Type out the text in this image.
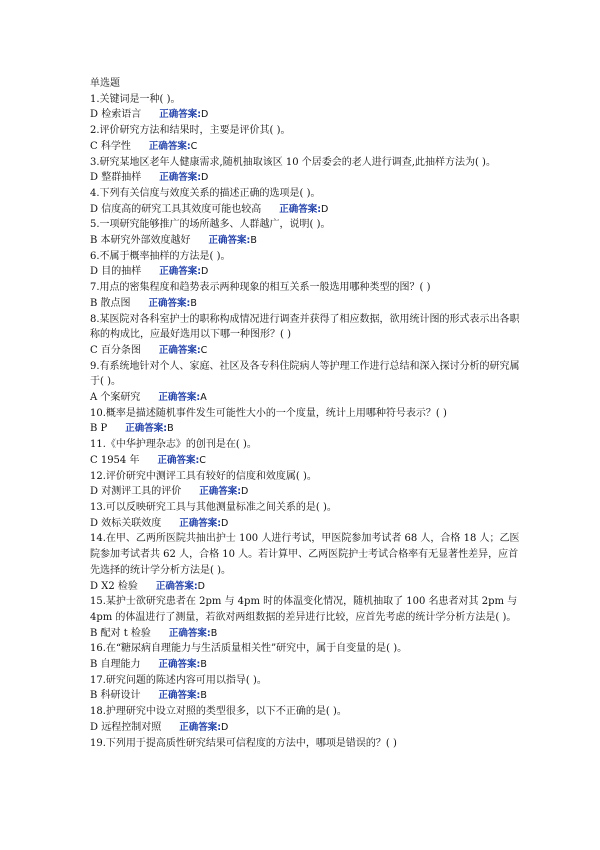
单选题

1.关键词是一种( )。

D 检索语言 正确答案:D

2.评价研究方法和结果时，主要是评价其( )。

C 科学性 正确答案:C

3.研究某地区老年人健康需求,随机抽取该区 10 个居委会的老人进行调查,此抽样方法为( )。

D 整群抽样 正确答案:D

4.下列有关信度与效度关系的描述正确的选项是( )。

D 信度高的研究工具其效度可能也较高 正确答案:D

5.一项研究能够推广的场所越多、人群越广，说明( )。

B 本研究外部效度越好 正确答案:B

6.不属于概率抽样的方法是( )。

D 目的抽样 正确答案:D

7.用点的密集程度和趋势表示两种现象的相互关系一般选用哪种类型的图？( )

B 散点图 正确答案:B

8.某医院对各科室护士的职称构成情况进行调查并获得了相应数据，欲用统计图的形式表示出各职称的构成比，应最好选用以下哪一种图形？( )

C 百分条图 正确答案:C

9.有系统地针对个人、家庭、社区及各专科住院病人等护理工作进行总结和深入探讨分析的研究属于( )。

A 个案研究 正确答案:A

10.概率是描述随机事件发生可能性大小的一个度量，统计上用哪种符号表示？( )

B P 正确答案:B

11.《中华护理杂志》的创刊是在( )。

C 1954 年 正确答案:C

12.评价研究中测评工具有较好的信度和效度属( )。

D 对测评工具的评价 正确答案:D

13.可以反映研究工具与其他测量标准之间关系的是( )。

D 效标关联效度 正确答案:D

14.在甲、乙两所医院共抽出护士 100 人进行考试，甲医院参加考试者 68 人，合格 18 人；乙医院参加考试者共 62 人，合格 10 人。若计算甲、乙两医院护士考试合格率有无显著性差异，应首先选择的统计学分析方法是( )。

D X2 检验 正确答案:D

15.某护士欲研究患者在 2pm 与 4pm 时的体温变化情况，随机抽取了 100 名患者对其 2pm 与 4pm 的体温进行了测量，若欲对两组数据的差异进行比较，应首先考虑的统计学分析方法是( )。

B 配对 t 检验 正确答案:B

16.在“糖尿病自理能力与生活质量相关性”研究中，属于自变量的是( )。

B 自理能力 正确答案:B

17.研究问题的陈述内容可用以指导( )。

B 科研设计 正确答案:B

18.护理研究中设立对照的类型很多，以下不正确的是( )。

D 远程控制对照 正确答案:D

19.下列用于提高质性研究结果可信程度的方法中，哪项是错误的？( )
